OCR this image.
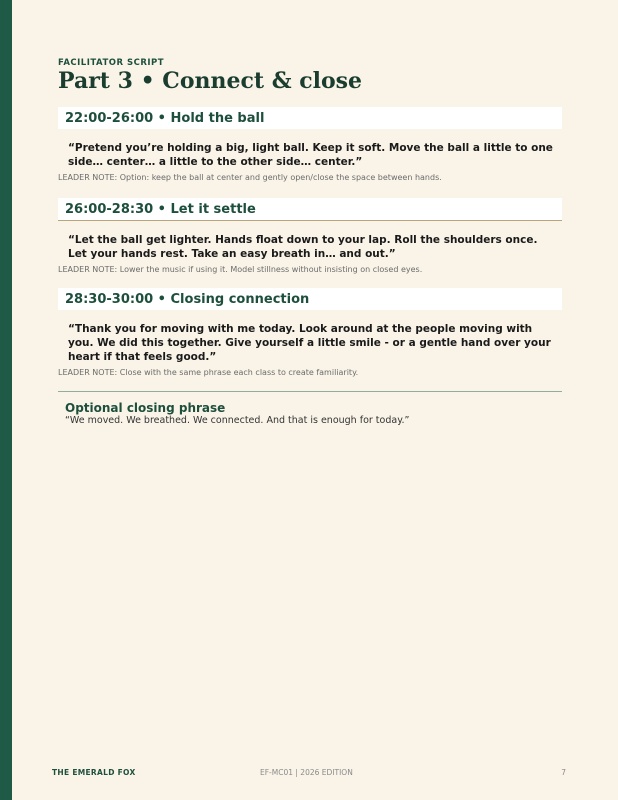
FACILITATOR SCRIPT
Part 3 • Connect & close
22:00-26:00 • Hold the ball
“Pretend you’re holding a big, light ball. Keep it soft. Move the ball a little to one side… center… a little to the other side… center.”
LEADER NOTE: Option: keep the ball at center and gently open/close the space between hands.
26:00-28:30 • Let it settle
“Let the ball get lighter. Hands float down to your lap. Roll the shoulders once. Let your hands rest. Take an easy breath in… and out.”
LEADER NOTE: Lower the music if using it. Model stillness without insisting on closed eyes.
28:30-30:00 • Closing connection
“Thank you for moving with me today. Look around at the people moving with you. We did this together. Give yourself a little smile - or a gentle hand over your heart if that feels good.”
LEADER NOTE: Close with the same phrase each class to create familiarity.
Optional closing phrase
“We moved. We breathed. We connected. And that is enough for today.”
THE EMERALD FOX	EF-MC01 | 2026 EDITION	7
